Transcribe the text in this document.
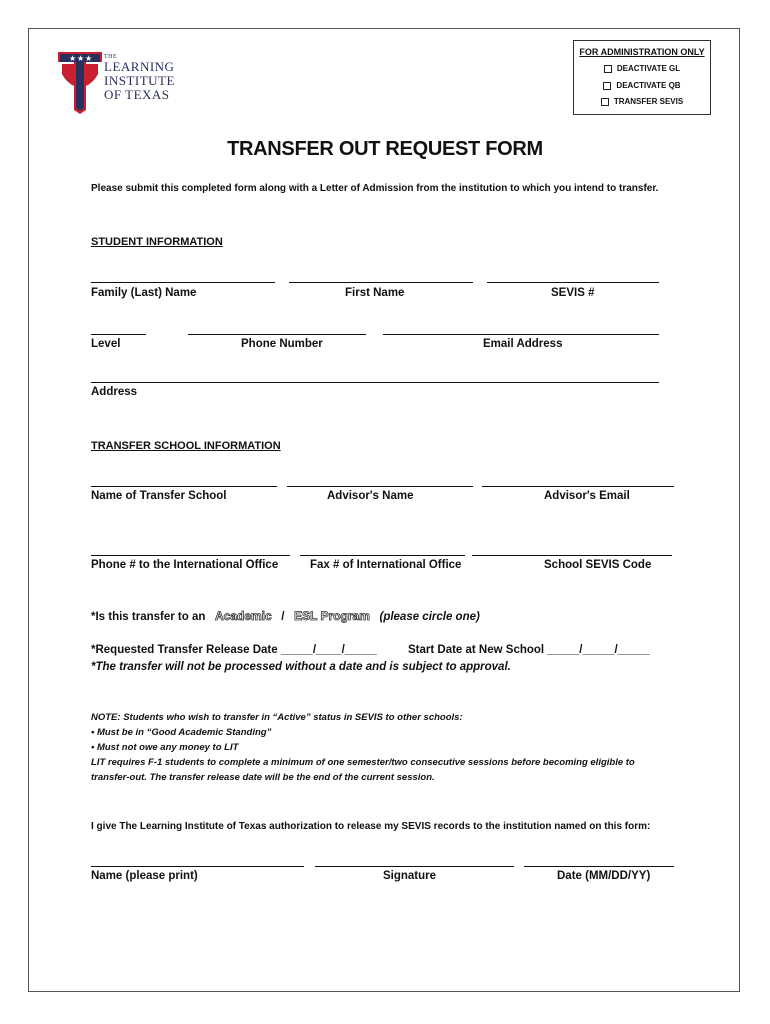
★ ★ ★ THE
LEARNING
INSTITUTE
OF TEXAS
FOR ADMINISTRATION ONLY
DEACTIVATE GL
DEACTIVATE QB
TRANSFER SEVIS
TRANSFER OUT REQUEST FORM
Please submit this completed form along with a Letter of Admission from the institution to which you intend to transfer.
STUDENT INFORMATION
Family (Last) Name	First Name	SEVIS #
Level	Phone Number	Email Address
Address
TRANSFER SCHOOL INFORMATION
Name of Transfer School	Advisor's Name	Advisor's Email
Phone # to the International Office	Fax # of International Office	School SEVIS Code
*Is this transfer to an Academic / ESL Program (please circle one)
*Requested Transfer Release Date _____/____/_____	Start Date at New School _____/_____/_____
*The transfer will not be processed without a date and is subject to approval.
NOTE: Students who wish to transfer in “Active” status in SEVIS to other schools:
• Must be in “Good Academic Standing”
• Must not owe any money to LIT
LIT requires F-1 students to complete a minimum of one semester/two consecutive sessions before becoming eligible to
transfer-out. The transfer release date will be the end of the current session.
I give The Learning Institute of Texas authorization to release my SEVIS records to the institution named on this form:
Name (please print)	Signature	Date (MM/DD/YY)
